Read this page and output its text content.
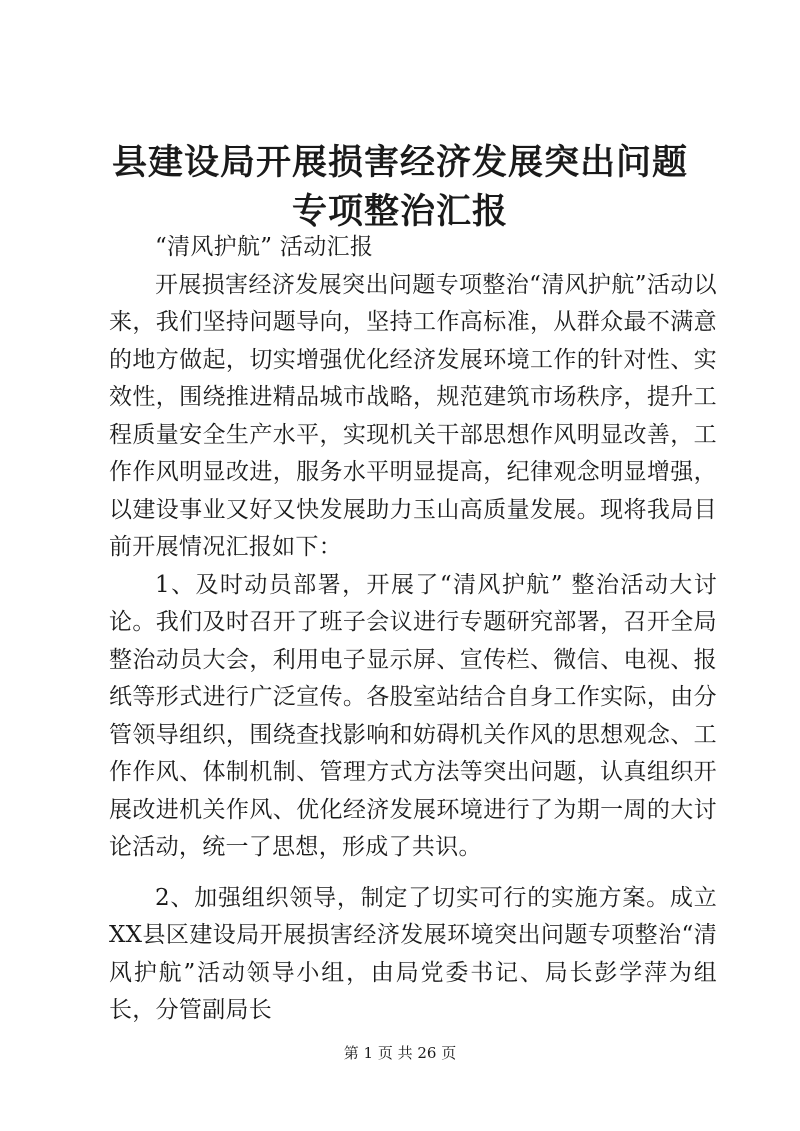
县建设局开展损害经济发展突出问题专项整治汇报

“清风护航” 活动汇报

开展损害经济发展突出问题专项整治“清风护航”活动以来，我们坚持问题导向，坚持工作高标准，从群众最不满意的地方做起，切实增强优化经济发展环境工作的针对性、实效性，围绕推进精品城市战略，规范建筑市场秩序，提升工程质量安全生产水平，实现机关干部思想作风明显改善，工作作风明显改进，服务水平明显提高，纪律观念明显增强，以建设事业又好又快发展助力玉山高质量发展。现将我局目前开展情况汇报如下：

1、及时动员部署，开展了“清风护航” 整治活动大讨论。我们及时召开了班子会议进行专题研究部署，召开全局整治动员大会，利用电子显示屏、宣传栏、微信、电视、报纸等形式进行广泛宣传。各股室站结合自身工作实际，由分管领导组织，围绕查找影响和妨碍机关作风的思想观念、工作作风、体制机制、管理方式方法等突出问题，认真组织开展改进机关作风、优化经济发展环境进行了为期一周的大讨论活动，统一了思想，形成了共识。

2、加强组织领导，制定了切实可行的实施方案。成立XX县区建设局开展损害经济发展环境突出问题专项整治“清风护航”活动领导小组，由局党委书记、局长彭学萍为组长，分管副局长

第 1 页 共 26 页
